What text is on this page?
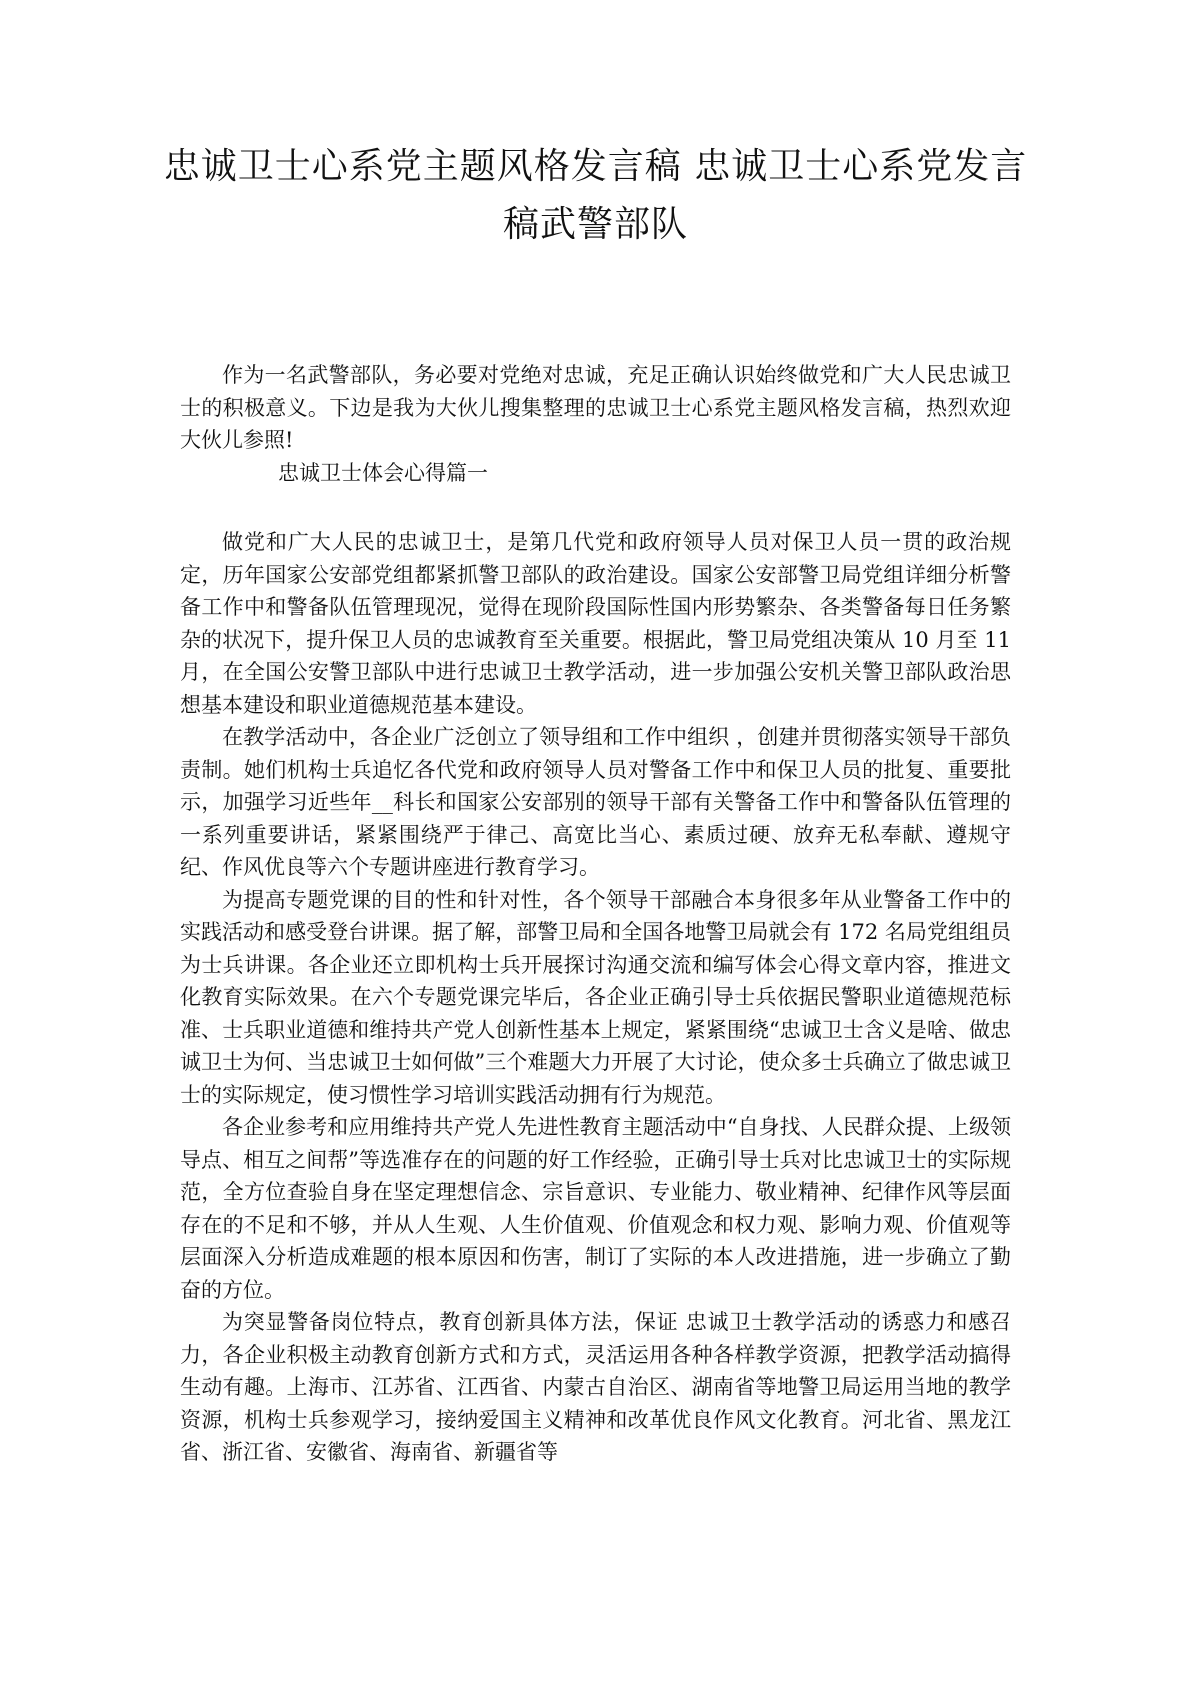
忠诚卫士心系党主题风格发言稿 忠诚卫士心系党发言稿武警部队

作为一名武警部队，务必要对党绝对忠诚，充足正确认识始终做党和广大人民忠诚卫士的积极意义。下边是我为大伙儿搜集整理的忠诚卫士心系党主题风格发言稿，热烈欢迎大伙儿参照!

忠诚卫士体会心得篇一

做党和广大人民的忠诚卫士，是第几代党和政府领导人员对保卫人员一贯的政治规定，历年国家公安部党组都紧抓警卫部队的政治建设。国家公安部警卫局党组详细分析警备工作中和警备队伍管理现况，觉得在现阶段国际性国内形势繁杂、各类警备每日任务繁杂的状况下，提升保卫人员的忠诚教育至关重要。根据此，警卫局党组决策从 10 月至 11 月，在全国公安警卫部队中进行忠诚卫士教学活动，进一步加强公安机关警卫部队政治思想基本建设和职业道德规范基本建设。

在教学活动中，各企业广泛创立了领导组和工作中组织 ，创建并贯彻落实领导干部负责制。她们机构士兵追忆各代党和政府领导人员对警备工作中和保卫人员的批复、重要批示，加强学习近些年__科长和国家公安部别的领导干部有关警备工作中和警备队伍管理的一系列重要讲话，紧紧围绕严于律己、高宽比当心、素质过硬、放弃无私奉献、遵规守纪、作风优良等六个专题讲座进行教育学习。

为提高专题党课的目的性和针对性，各个领导干部融合本身很多年从业警备工作中的实践活动和感受登台讲课。据了解，部警卫局和全国各地警卫局就会有 172 名局党组组员为士兵讲课。各企业还立即机构士兵开展探讨沟通交流和编写体会心得文章内容，推进文化教育实际效果。在六个专题党课完毕后，各企业正确引导士兵依据民警职业道德规范标准、士兵职业道德和维持共产党人创新性基本上规定，紧紧围绕“忠诚卫士含义是啥、做忠诚卫士为何、当忠诚卫士如何做”三个难题大力开展了大讨论，使众多士兵确立了做忠诚卫士的实际规定，使习惯性学习培训实践活动拥有行为规范。

各企业参考和应用维持共产党人先进性教育主题活动中“自身找、人民群众提、上级领导点、相互之间帮”等选准存在的问题的好工作经验，正确引导士兵对比忠诚卫士的实际规范，全方位查验自身在坚定理想信念、宗旨意识、专业能力、敬业精神、纪律作风等层面存在的不足和不够，并从人生观、人生价值观、价值观念和权力观、影响力观、价值观等层面深入分析造成难题的根本原因和伤害，制订了实际的本人改进措施，进一步确立了勤奋的方位。

为突显警备岗位特点，教育创新具体方法，保证 忠诚卫士教学活动的诱惑力和感召力，各企业积极主动教育创新方式和方式，灵活运用各种各样教学资源，把教学活动搞得生动有趣。上海市、江苏省、江西省、内蒙古自治区、湖南省等地警卫局运用当地的教学资源，机构士兵参观学习，接纳爱国主义精神和改革优良作风文化教育。河北省、黑龙江省、浙江省、安徽省、海南省、新疆省等
